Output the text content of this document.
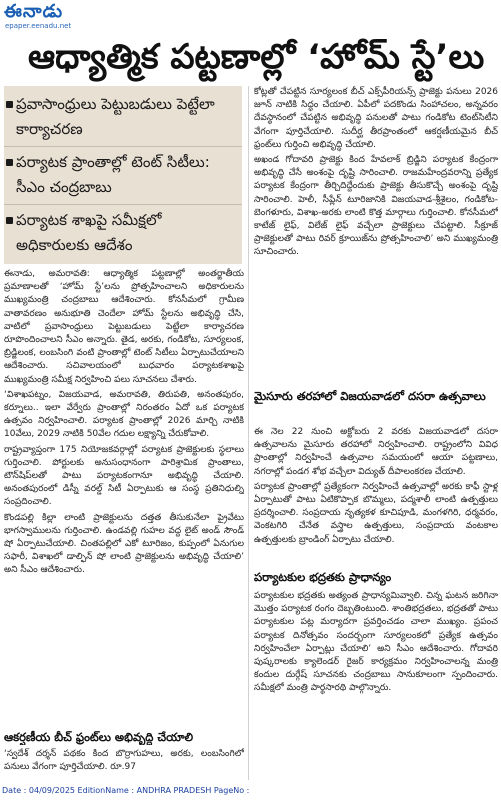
ఈనాడు
epaper.eenadu.net
ఆధ్యాత్మిక పట్టణాల్లో ‘హోమ్‌ స్టే’లు
ప్రవాసాంధ్రులు పెట్టుబడులు పెట్టేలా కార్యాచరణ
పర్యాటక ప్రాంతాల్లో టెంట్‌ సిటీలు: సీఎం చంద్రబాబు
పర్యాటక శాఖపై సమీక్షలో అధికారులకు ఆదేశం

ఈనాడు, అమరావతి: ఆధ్యాత్మిక పట్టణాల్లో అంతర్జాతీయ ప్రమాణాలతో ‘హోమ్‌ స్టే’లను ప్రోత్సహించాలని అధికారులను ముఖ్యమంత్రి చంద్రబాబు ఆదేశించారు. కోనసీమలో గ్రామీణ వాతావరణం అనుభూతి చెందేలా హోమ్‌ స్టేలను అభివృద్ధి చేసి, వాటిలో ప్రవాసాంధ్రులు పెట్టుబడులు పెట్టేలా కార్యాచరణ రూపొందించాలని సీఎం అన్నారు. తైడ, అరకు, గండికోట, సూర్యలంక, బ్రిడ్జిలంక, లంబసింగి వంటి ప్రాంతాల్లో టెంట్‌ సిటీలు ఏర్పాటుచేయాలని ఆదేశించారు. సచివాలయంలో బుధవారం పర్యాటకశాఖపై ముఖ్యమంత్రి సమీక్ష నిర్వహించి పలు సూచనలు చేశారు.

‘విశాఖపట్నం, విజయవాడ, అమరావతి, తిరుపతి, అనంతపురం, కర్నూలు.. ఇలా వేర్వేరు ప్రాంతాల్లో నిరంతరం ఏదో ఒక పర్యాటక ఉత్సవం నిర్వహించాలి. పర్యాటక ప్రాంతాల్లో 2026 మార్చి నాటికి 10వేలు, 2029 నాటికి 50వేల గదుల లక్ష్యాన్ని చేరుకోవాలి.

రాష్ట్రవ్యాప్తంగా 175 నియోజకవర్గాల్లో పర్యాటక ప్రాజెక్టులకు స్థలాలు గుర్తించాలి. పోర్టులకు అనుసంధానంగా పారిశ్రామిక ప్రాంతాలు, టౌన్‌షిప్‌లతో పాటు పర్యాటకంగానూ అభివృద్ధి చేయాలి. అనంతపురంలో డిస్నీ వరల్డ్‌ సిటీ ఏర్పాటుకు ఆ సంస్థ ప్రతినిధుల్ని సంప్రదించాలి.

కొండపల్లి కిల్లా లాంటి ప్రాజెక్టులను దత్తత తీసుకునేలా ప్రైవేటు భాగస్వాములను గుర్తించాలి. ఉండవల్లి గుహల వద్ద లైట్‌ అండ్‌ సౌండ్‌ షో ఏర్పాటుచేయాలి. చింతపల్లిలో ఎకో టూరిజం, కుప్పంలో ఏనుగుల సఫారీ, విశాఖలో డాల్ఫిన్‌ షో లాంటి ప్రాజెక్టులను అభివృద్ధి చేయాలి’ అని సీఎం ఆదేశించారు.

ఆకర్షణీయ బీచ్‌ ఫ్రంట్‌లు అభివృద్ధి చేయాలి

‘స్వదేశ్‌ దర్శన్‌ పథకం కింద బొర్రాగుహలు, అరకు, లంబసింగిలో పనులు వేగంగా పూర్తిచేయాలి. రూ.97

కోట్లతో చేపట్టిన సూర్యలంక బీచ్‌ ఎక్స్‌పీరియన్స్‌ ప్రాజెక్టు పనులు 2026 జూన్‌ నాటికి సిద్ధం చేయాలి. ఏపీలో పదకొండు సింహాచలం, అన్నవరం దేవస్థానంలో చేపట్టిన అభివృద్ధి పనులతో పాటు గండికోట టెంట్‌సిటీని వేగంగా పూర్తిచేయాలి. సుదీర్ఘ తీరప్రాంతంలో ఆకర్షణీయమైన బీచ్‌ ఫ్రంట్‌లు గుర్తించి అభివృద్ధి చేయాలి.

అఖండ గోదావరి ప్రాజెక్టు కింద హేవలాక్‌ బ్రిడ్జిని పర్యాటక కేంద్రంగా అభివృద్ధి చేసే అంశంపై దృష్టి సారించాలి. రాజమహేంద్రవరాన్ని ప్రత్యేక పర్యాటక కేంద్రంగా తీర్చిదిద్దేందుకు ప్రాజెక్టు తీసుకొచ్చే అంశంపై దృష్టి సారించాలి. హెలీ, సీప్లేన్‌ టూరిజానికి విజయవాడ-శ్రీశైలం, గండికోట-బెంగళూరు, విశాఖ-అరకు లాంటి కొత్త మార్గాలు గుర్తించాలి. కోనసీమలో కాటేజ్‌ లైఫ్‌, విలేజ్‌ లైఫ్‌ వచ్చేలా ప్రాజెక్టులు చేపట్టాలి. సీక్రూజ్‌ ప్రాజెక్టులతో పాటు రివర్‌ క్రూయిజ్‌ను ప్రోత్సహించాలి’ అని ముఖ్యమంత్రి సూచించారు.

మైసూరు తరహాలో విజయవాడలో దసరా ఉత్సవాలు

ఈ నెల 22 నుంచి అక్టోబరు 2 వరకు విజయవాడలో దసరా ఉత్సవాలను మైసూరు తరహాలో నిర్వహించాలి. రాష్ట్రంలోని వివిధ ప్రాంతాల్లో నిర్వహించే ఉత్సవాల సమయంలో ఆయా పట్టణాలు, నగరాల్లో పండగ శోభ వచ్చేలా విద్యుత్‌ దీపాలంకరణ చేయాలి.

పర్యాటక ప్రాంతాల్లో ప్రత్యేకంగా నిర్వహించే ఉత్సవాల్లో అరకు కాఫీ స్టాళ్ల ఏర్పాటుతో పాటు ఏటికొప్పాక బొమ్మలు, పద్మశాలీ లాంటి ఉత్పత్తులు ప్రదర్శించాలి. సంప్రదాయ నృత్యకళ కూచిపూడి, మంగళగిరి, ధర్మవరం, వెంకటగిరి చేనేత వస్త్రాల ఉత్పత్తులు, సంప్రదాయ వంటకాల ఉత్పత్తులకు బ్రాండింగ్‌ ఏర్పాటు చేయాలి.

పర్యాటకుల భద్రతకు ప్రాధాన్యం

పర్యాటకుల భద్రతకు అత్యంత ప్రాధాన్యమివ్వాలి. చిన్న ఘటన జరిగినా మొత్తం పర్యాటక రంగం దెబ్బతింటుంది. శాంతిభద్రతలు, భద్రతతో పాటు పర్యాటకుల పట్ల మర్యాదగా ప్రవర్తించడం చాలా ముఖ్యం. ప్రపంచ పర్యాటక దినోత్సవం సందర్భంగా సూర్యలంకలో ప్రత్యేక ఉత్సవం నిర్వహించేలా ఏర్పాట్లు చేయాలి’ అని సీఎం ఆదేశించారు. గోదావరి పుష్కరాలకు క్యాలెండర్‌ రైజర్‌ కార్యక్రమం నిర్వహించాలన్న మంత్రి కందుల దుర్గేష్‌ సూచనకు చంద్రబాబు సానుకూలంగా స్పందించారు. సమీక్షలో మంత్రి పార్థసారథి పాల్గొన్నారు.

Date : 04/09/2025 EditionName : ANDHRA PRADESH PageNo :
